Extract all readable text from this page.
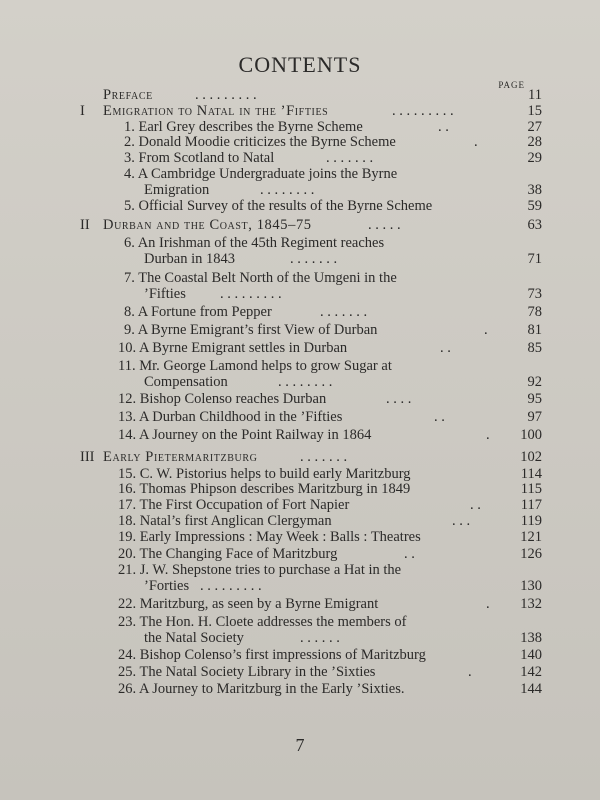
CONTENTS
PAGE
Preface	. . . . . . . . .	11
I Emigration to Natal in the ’Fifties	. . . . . . . . .	15
1. Earl Grey describes the Byrne Scheme	. .	27
2. Donald Moodie criticizes the Byrne Scheme	.	28
3. From Scotland to Natal	. . . . . . .	29
4. A Cambridge Undergraduate joins the Byrne
Emigration	. . . . . . . .	38
5. Official Survey of the results of the Byrne Scheme	59
II Durban and the Coast, 1845–75	. . . . .	63
6. An Irishman of the 45th Regiment reaches
Durban in 1843	. . . . . . .	71
7. The Coastal Belt North of the Umgeni in the
’Fifties . . . . . . . . .	73
8. A Fortune from Pepper	. . . . . . .	78
9. A Byrne Emigrant’s first View of Durban	.	81
10. A Byrne Emigrant settles in Durban	. .	85
11. Mr. George Lamond helps to grow Sugar at
Compensation	. . . . . . . .	92
12. Bishop Colenso reaches Durban	. . . .	95
13. A Durban Childhood in the ’Fifties	. .	97
14. A Journey on the Point Railway in 1864	. 100
III Early Pietermaritzburg	. . . . . . .	102
15. C. W. Pistorius helps to build early Maritzburg	114
16. Thomas Phipson describes Maritzburg in 1849	115
17. The First Occupation of Fort Napier	. .	117
18. Natal’s first Anglican Clergyman	. . .	119
19. Early Impressions : May Week : Balls : Theatres	121
20. The Changing Face of Maritzburg	. .	126
21. J. W. Shepstone tries to purchase a Hat in the
’Forties . . . . . . . . .	130
22. Maritzburg, as seen by a Byrne Emigrant	. 132
23. The Hon. H. Cloete addresses the members of
the Natal Society	. . . . . .	138
24. Bishop Colenso’s first impressions of Maritzburg	140
25. The Natal Society Library in the ’Sixties	.	142
26. A Journey to Maritzburg in the Early ’Sixties.	144
7
